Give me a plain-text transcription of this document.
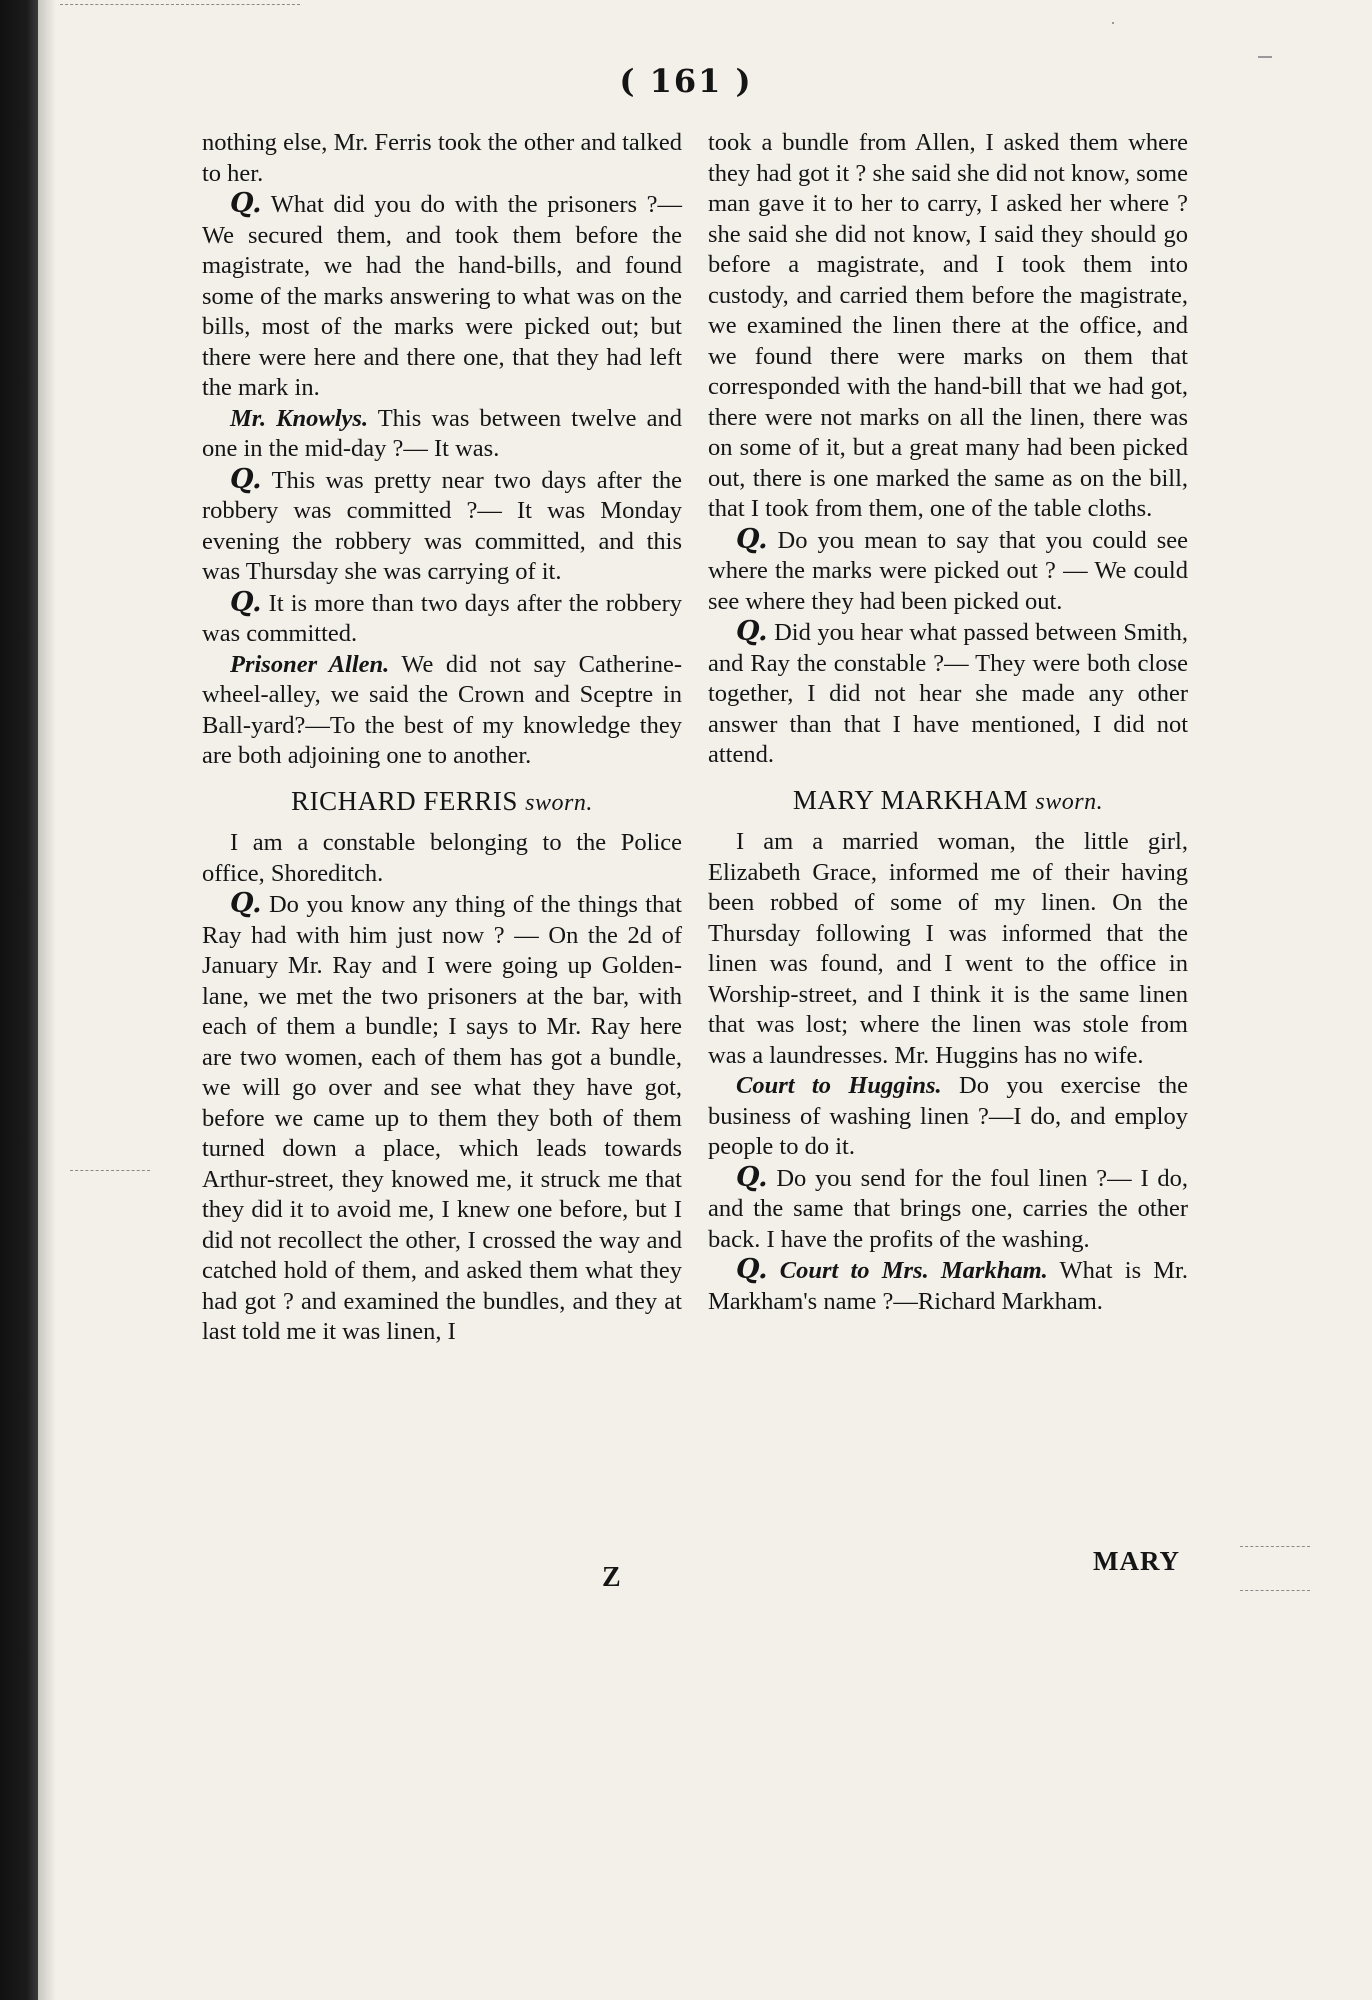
( 161 )

nothing else, Mr. Ferris took the other and talked to her.

Q. What did you do with the prisoners ?— We secured them, and took them before the magistrate, we had the hand-bills, and found some of the marks answering to what was on the bills, most of the marks were picked out; but there were here and there one, that they had left the mark in.

Mr. Knowlys. This was between twelve and one in the mid-day ?— It was.

Q. This was pretty near two days after the robbery was committed ?— It was Monday evening the robbery was committed, and this was Thursday she was carrying of it.

Q. It is more than two days after the robbery was committed.

Prisoner Allen. We did not say Catherine-wheel-alley, we said the Crown and Sceptre in Ball-yard?—To the best of my knowledge they are both adjoining one to another.

RICHARD FERRIS sworn.

I am a constable belonging to the Police office, Shoreditch.

Q. Do you know any thing of the things that Ray had with him just now ? — On the 2d of January Mr. Ray and I were going up Golden-lane, we met the two prisoners at the bar, with each of them a bundle; I says to Mr. Ray here are two women, each of them has got a bundle, we will go over and see what they have got, before we came up to them they both of them turned down a place, which leads towards Arthur-street, they knowed me, it struck me that they did it to avoid me, I knew one before, but I did not recollect the other, I crossed the way and catched hold of them, and asked them what they had got ? and examined the bundles, and they at last told me it was linen, I

took a bundle from Allen, I asked them where they had got it ? she said she did not know, some man gave it to her to carry, I asked her where ? she said she did not know, I said they should go before a magistrate, and I took them into custody, and carried them before the magistrate, we examined the linen there at the office, and we found there were marks on them that corresponded with the hand-bill that we had got, there were not marks on all the linen, there was on some of it, but a great many had been picked out, there is one marked the same as on the bill, that I took from them, one of the table cloths.

Q. Do you mean to say that you could see where the marks were picked out ? — We could see where they had been picked out.

Q. Did you hear what passed between Smith, and Ray the constable ?— They were both close together, I did not hear she made any other answer than that I have mentioned, I did not attend.

MARY MARKHAM sworn.

I am a married woman, the little girl, Elizabeth Grace, informed me of their having been robbed of some of my linen. On the Thursday following I was informed that the linen was found, and I went to the office in Worship-street, and I think it is the same linen that was lost; where the linen was stole from was a laundresses. Mr. Huggins has no wife.

Court to Huggins. Do you exercise the business of washing linen ?—I do, and employ people to do it.

Q. Do you send for the foul linen ?— I do, and the same that brings one, carries the other back. I have the profits of the washing.

Q. Court to Mrs. Markham. What is Mr. Markham's name ?—Richard Markham.

Z
MARY
